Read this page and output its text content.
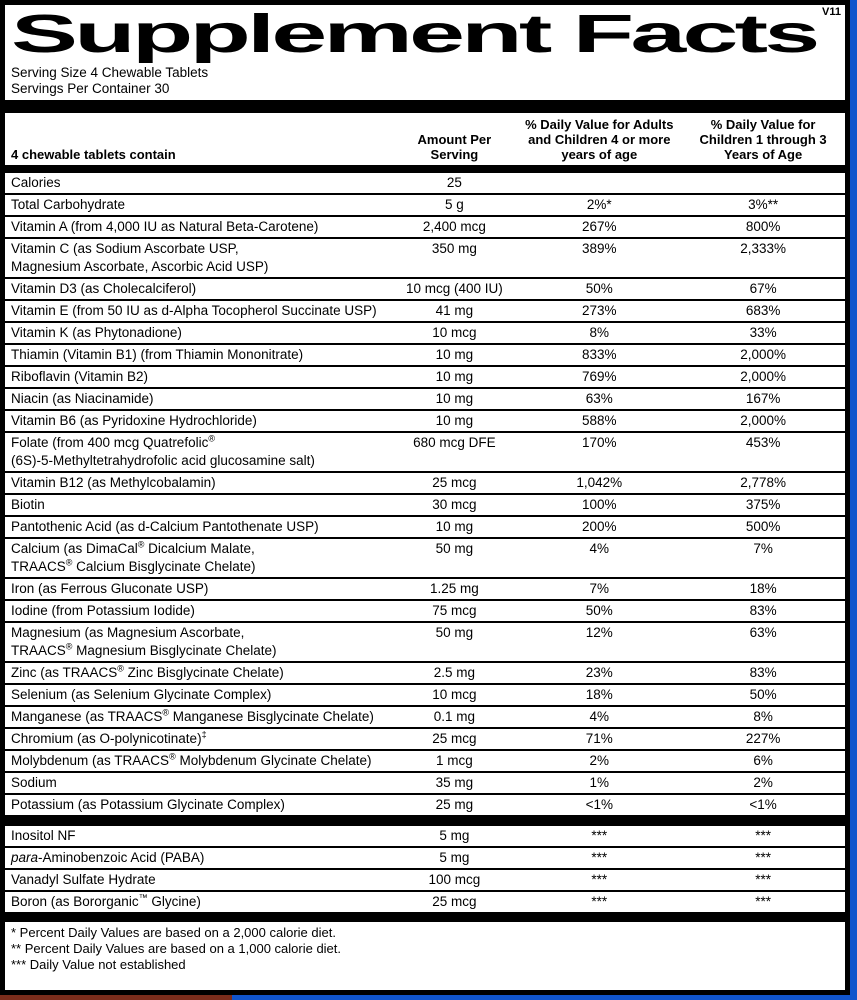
Supplement Facts V11
Serving Size 4 Chewable Tablets
Servings Per Container 30
4 chewable tablets contain	Amount Per Serving	% Daily Value for Adults and Children 4 or more years of age	% Daily Value for Children 1 through 3 Years of Age

Calories	25		
Total Carbohydrate	5 g	2%*	3%**
Vitamin A (from 4,000 IU as Natural Beta-Carotene)	2,400 mcg	267%	800%
Vitamin C (as Sodium Ascorbate USP,
Magnesium Ascorbate, Ascorbic Acid USP)	350 mg	389%	2,333%
Vitamin D3 (as Cholecalciferol)	10 mcg (400 IU)	50%	67%
Vitamin E (from 50 IU as d-Alpha Tocopherol Succinate USP)	41 mg	273%	683%
Vitamin K (as Phytonadione)	10 mcg	8%	33%
Thiamin (Vitamin B1) (from Thiamin Mononitrate)	10 mg	833%	2,000%
Riboflavin (Vitamin B2)	10 mg	769%	2,000%
Niacin (as Niacinamide)	10 mg	63%	167%
Vitamin B6 (as Pyridoxine Hydrochloride)	10 mg	588%	2,000%
Folate (from 400 mcg Quatrefolic®
(6S)-5-Methyltetrahydrofolic acid glucosamine salt)	680 mcg DFE	170%	453%
Vitamin B12 (as Methylcobalamin)	25 mcg	1,042%	2,778%
Biotin	30 mcg	100%	375%
Pantothenic Acid (as d-Calcium Pantothenate USP)	10 mg	200%	500%
Calcium (as DimaCal® Dicalcium Malate,
TRAACS® Calcium Bisglycinate Chelate)	50 mg	4%	7%
Iron (as Ferrous Gluconate USP)	1.25 mg	7%	18%
Iodine (from Potassium Iodide)	75 mcg	50%	83%
Magnesium (as Magnesium Ascorbate,
TRAACS® Magnesium Bisglycinate Chelate)	50 mg	12%	63%
Zinc (as TRAACS® Zinc Bisglycinate Chelate)	2.5 mg	23%	83%
Selenium (as Selenium Glycinate Complex)	10 mcg	18%	50%
Manganese (as TRAACS® Manganese Bisglycinate Chelate)	0.1 mg	4%	8%
Chromium (as O-polynicotinate)‡	25 mcg	71%	227%
Molybdenum (as TRAACS® Molybdenum Glycinate Chelate)	1 mcg	2%	6%
Sodium	35 mg	1%	2%
Potassium (as Potassium Glycinate Complex)	25 mg	<1%	<1%

Inositol NF	5 mg	***	***
para-Aminobenzoic Acid (PABA)	5 mg	***	***
Vanadyl Sulfate Hydrate	100 mcg	***	***
Boron (as Bororganic™ Glycine)	25 mcg	***	***
* Percent Daily Values are based on a 2,000 calorie diet.
** Percent Daily Values are based on a 1,000 calorie diet.
*** Daily Value not established
